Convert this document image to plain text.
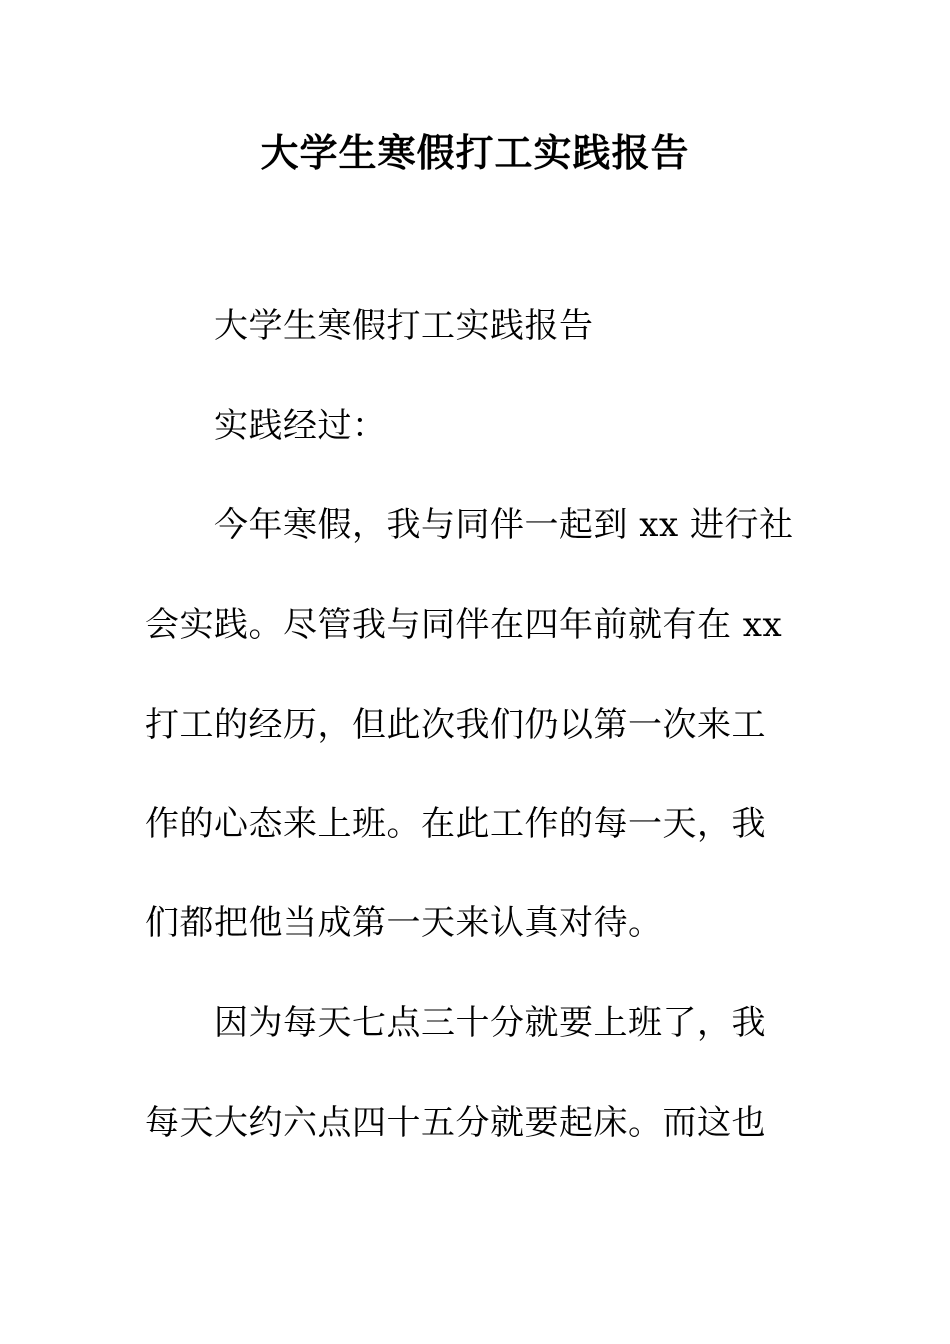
大学生寒假打工实践报告
大学生寒假打工实践报告
实践经过：
今年寒假，我与同伴一起到 xx 进行社
会实践。尽管我与同伴在四年前就有在 xx
打工的经历，但此次我们仍以第一次来工
作的心态来上班。在此工作的每一天，我
们都把他当成第一天来认真对待。
因为每天七点三十分就要上班了，我
每天大约六点四十五分就要起床。而这也
